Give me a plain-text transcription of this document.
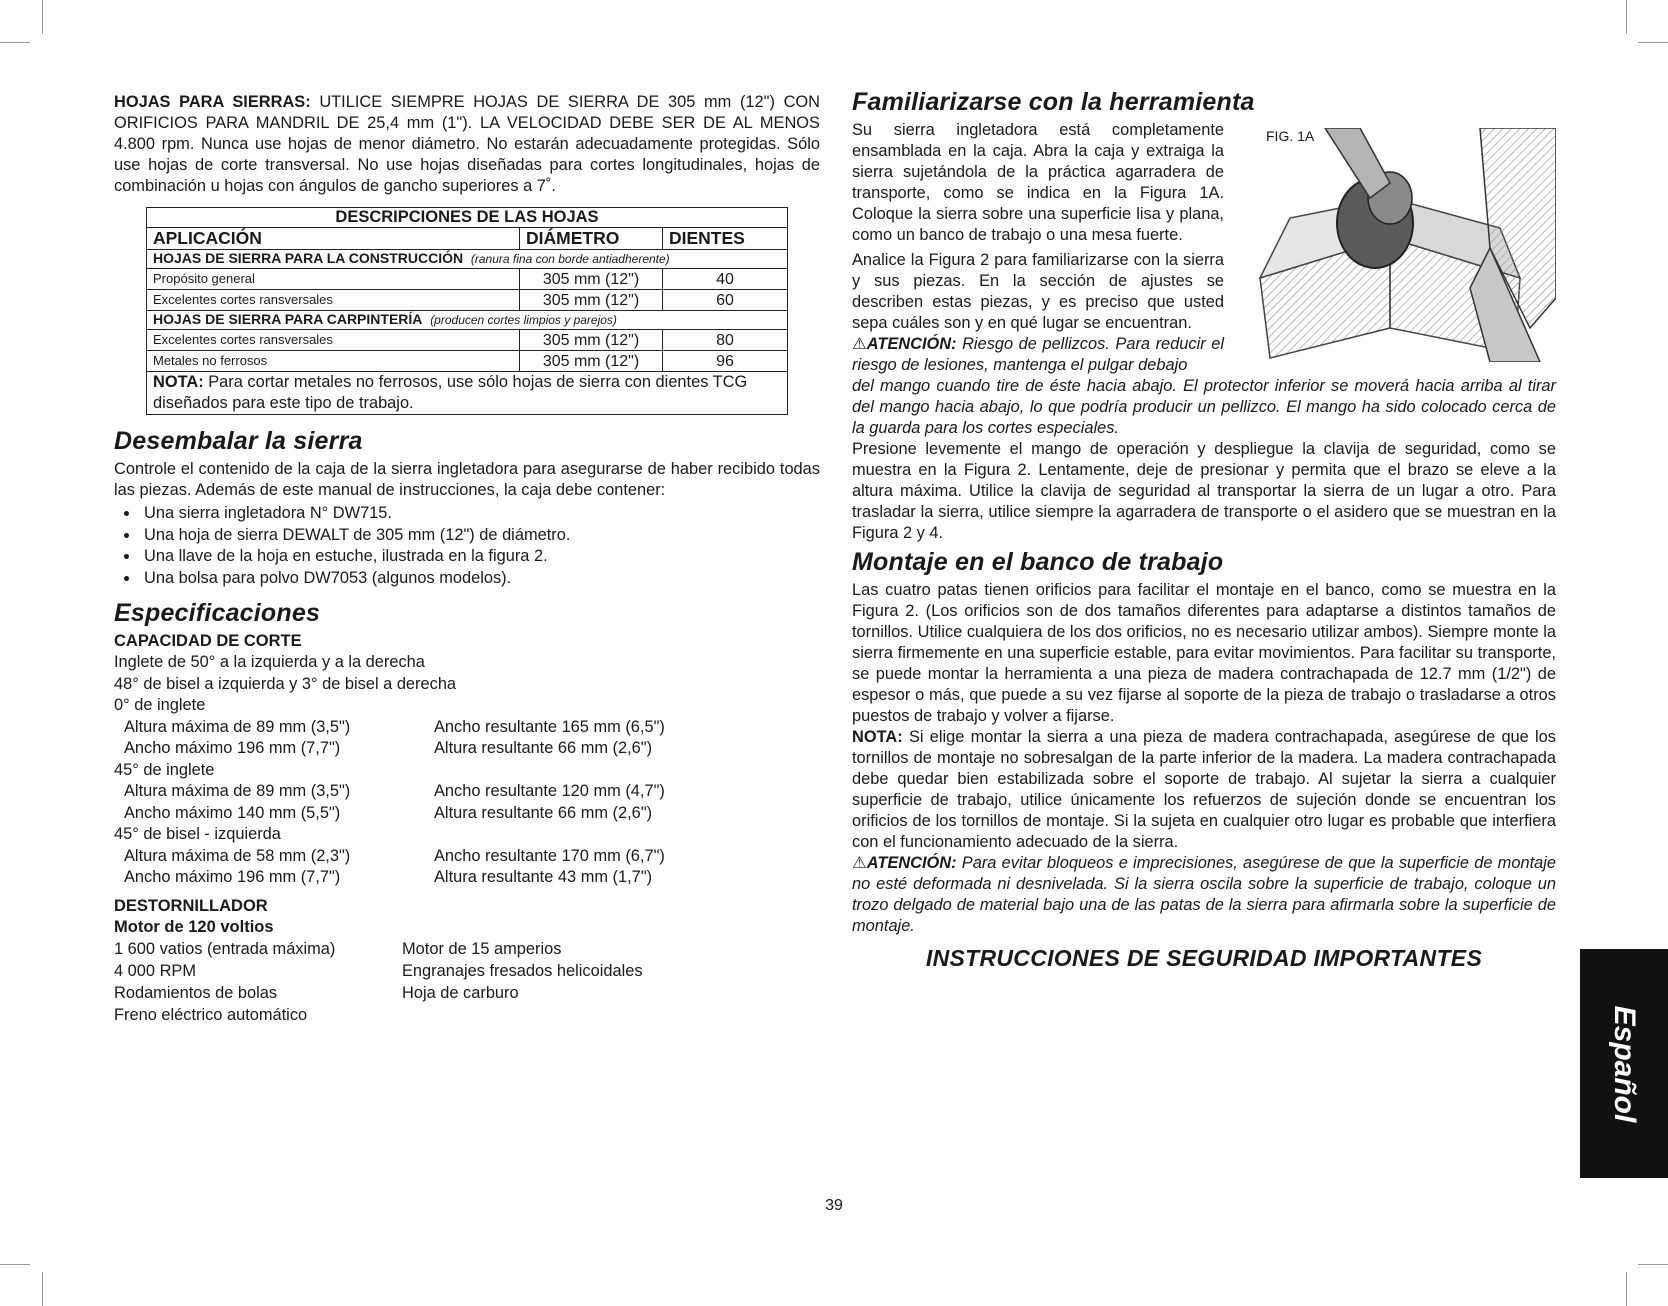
HOJAS PARA SIERRAS: UTILICE SIEMPRE HOJAS DE SIERRA DE 305 mm (12") CON ORIFICIOS PARA MANDRIL DE 25,4 mm (1"). LA VELOCIDAD DEBE SER DE AL MENOS 4.800 rpm. Nunca use hojas de menor diámetro. No estarán adecuadamente protegidas. Sólo use hojas de corte transversal. No use hojas diseñadas para cortes longitudinales, hojas de combinación u hojas con ángulos de gancho superiores a 7˚.

DESCRIPCIONES DE LAS HOJAS		
APLICACIÓN	DIÁMETRO	DIENTES
HOJAS DE SIERRA PARA LA CONSTRUCCIÓN (ranura fina con borde antiadherente)		
Propósito general	305 mm (12")	40
Excelentes cortes ransversales	305 mm (12")	60
HOJAS DE SIERRA PARA CARPINTERÍA (producen cortes limpios y parejos)		
Excelentes cortes ransversales	305 mm (12")	80
Metales no ferrosos	305 mm (12")	96
NOTA: Para cortar metales no ferrosos, use sólo hojas de sierra con dientes TCG diseñados para este tipo de trabajo.		
Desembalar la sierra

Controle el contenido de la caja de la sierra ingletadora para asegurarse de haber recibido todas las piezas. Además de este manual de instrucciones, la caja debe contener:

• Una sierra ingletadora N° DW715.
• Una hoja de sierra DEWALT de 305 mm (12") de diámetro.
• Una llave de la hoja en estuche, ilustrada en la figura 2.
• Una bolsa para polvo DW7053 (algunos modelos).
Especificaciones
CAPACIDAD DE CORTE
Inglete de 50° a la izquierda y a la derecha
48° de bisel a izquierda y 3° de bisel a derecha
0° de inglete
Altura máxima de 89 mm (3,5")	Ancho resultante 165 mm (6,5")
Ancho máximo 196 mm (7,7")	Altura resultante 66 mm (2,6")
45° de inglete
Altura máxima de 89 mm (3,5")	Ancho resultante 120 mm (4,7")
Ancho máximo 140 mm (5,5")	Altura resultante 66 mm (2,6")
45° de bisel - izquierda
Altura máxima de 58 mm (2,3")	Ancho resultante 170 mm (6,7")
Ancho máximo 196 mm (7,7")	Altura resultante 43 mm (1,7")
DESTORNILLADOR
Motor de 120 voltios
1 600 vatios (entrada máxima)	Motor de 15 amperios
4 000 RPM	Engranajes fresados helicoidales
Rodamientos de bolas	Hoja de carburo
Freno eléctrico automático
FIG. 1A
Familiarizarse con la herramienta

Su sierra ingletadora está completamente ensamblada en la caja. Abra la caja y extraiga la sierra sujetándola de la práctica agarradera de transporte, como se indica en la Figura 1A. Coloque la sierra sobre una superficie lisa y plana, como un banco de trabajo o una mesa fuerte.

Analice la Figura 2 para familiarizarse con la sierra y sus piezas. En la sección de ajustes se describen estas piezas, y es preciso que usted sepa cuáles son y en qué lugar se encuentran.

⚠ATENCIÓN: Riesgo de pellizcos. Para reducir el riesgo de lesiones, mantenga el pulgar debajo

del mango cuando tire de éste hacia abajo. El protector inferior se moverá hacia arriba al tirar del mango hacia abajo, lo que podría producir un pellizco. El mango ha sido colocado cerca de la guarda para los cortes especiales.

Presione levemente el mango de operación y despliegue la clavija de seguridad, como se muestra en la Figura 2. Lentamente, deje de presionar y permita que el brazo se eleve a la altura máxima. Utilice la clavija de seguridad al transportar la sierra de un lugar a otro. Para trasladar la sierra, utilice siempre la agarradera de transporte o el asidero que se muestran en la Figura 2 y 4.

Montaje en el banco de trabajo

Las cuatro patas tienen orificios para facilitar el montaje en el banco, como se muestra en la Figura 2. (Los orificios son de dos tamaños diferentes para adaptarse a distintos tamaños de tornillos. Utilice cualquiera de los dos orificios, no es necesario utilizar ambos). Siempre monte la sierra firmemente en una superficie estable, para evitar movimientos. Para facilitar su transporte, se puede montar la herramienta a una pieza de madera contrachapada de 12.7 mm (1/2") de espesor o más, que puede a su vez fijarse al soporte de la pieza de trabajo o trasladarse a otros puestos de trabajo y volver a fijarse.

NOTA: Si elige montar la sierra a una pieza de madera contrachapada, asegúrese de que los tornillos de montaje no sobresalgan de la parte inferior de la madera. La madera contrachapada debe quedar bien estabilizada sobre el soporte de trabajo. Al sujetar la sierra a cualquier superficie de trabajo, utilice únicamente los refuerzos de sujeción donde se encuentran los orificios de los tornillos de montaje. Si la sujeta en cualquier otro lugar es probable que interfiera con el funcionamiento adecuado de la sierra.

⚠ATENCIÓN: Para evitar bloqueos e imprecisiones, asegúrese de que la superficie de montaje no esté deformada ni desnivelada. Si la sierra oscila sobre la superficie de trabajo, coloque un trozo delgado de material bajo una de las patas de la sierra para afirmarla sobre la superficie de montaje.

INSTRUCCIONES DE SEGURIDAD IMPORTANTES
Español
39
